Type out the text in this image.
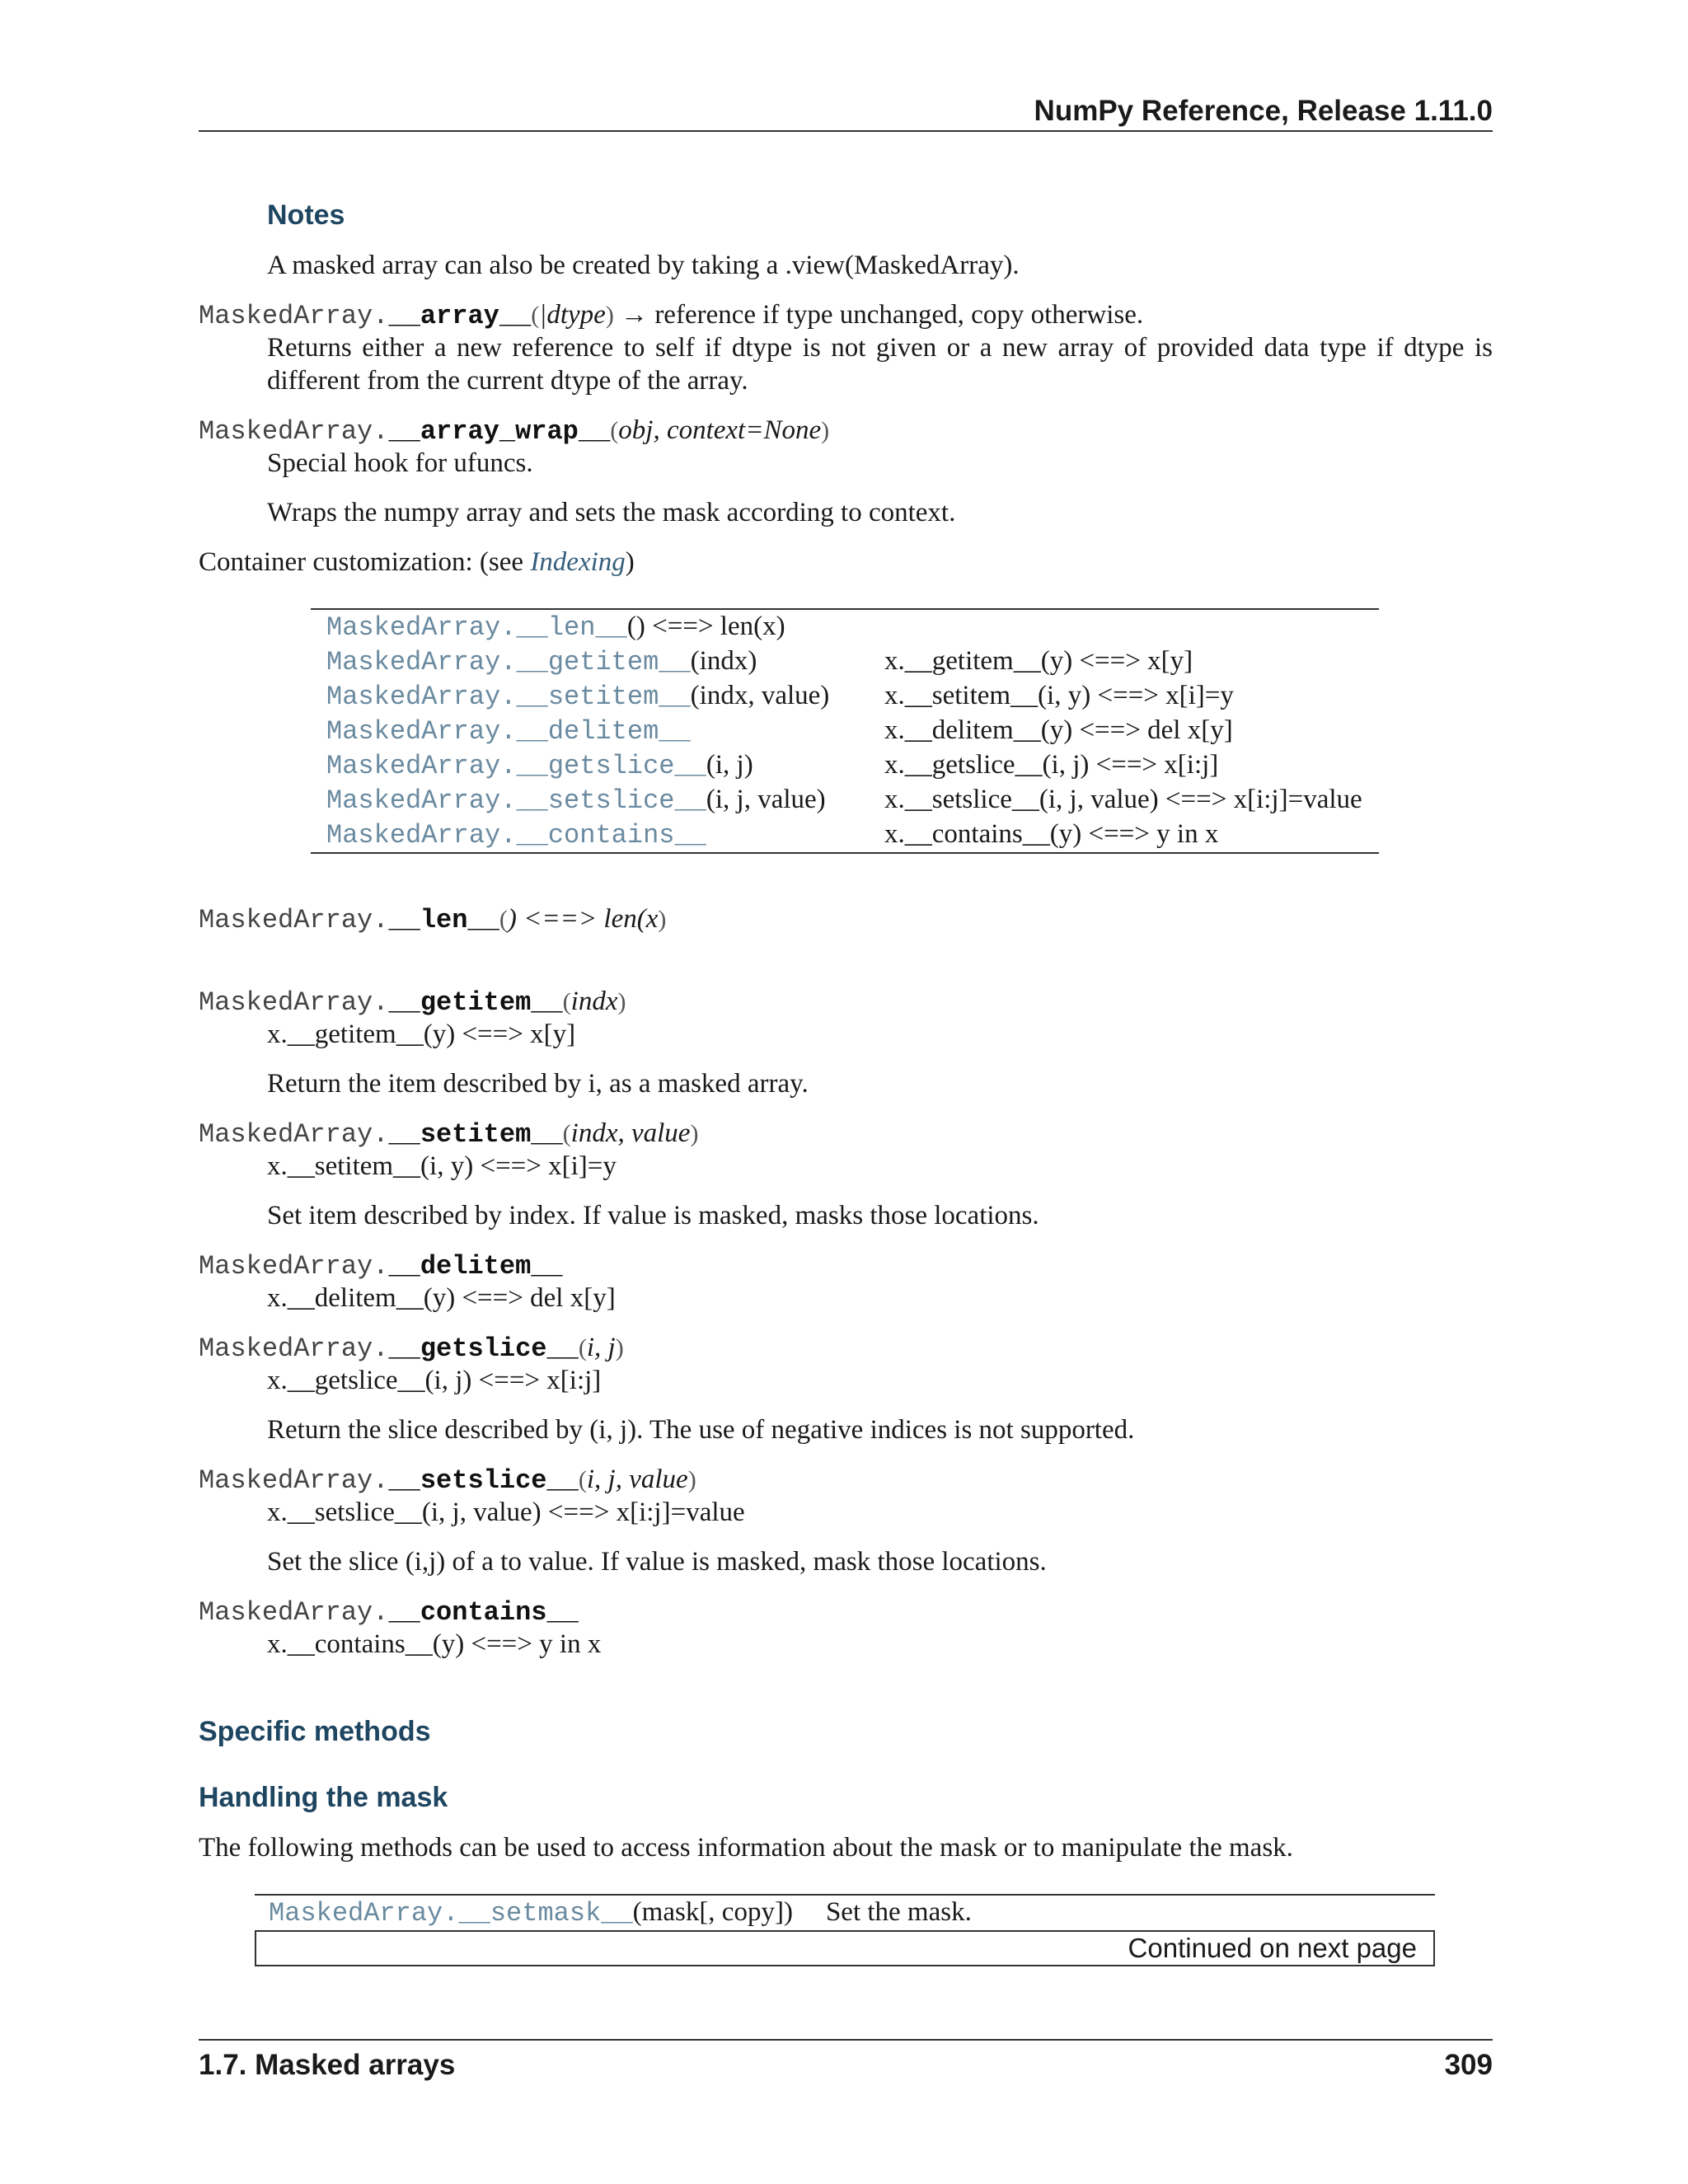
NumPy Reference, Release 1.11.0
Notes
A masked array can also be created by taking a .view(MaskedArray).
MaskedArray.__array__(|dtype) → reference if type unchanged, copy otherwise.
Returns either a new reference to self if dtype is not given or a new array of provided data type if dtype is different from the current dtype of the array.
MaskedArray.__array_wrap__(obj, context=None)
Special hook for ufuncs.
Wraps the numpy array and sets the mask according to context.
Container customization: (see Indexing)
MaskedArray.__len__() <==> len(x)	
MaskedArray.__getitem__(indx)	x.__getitem__(y) <==> x[y]
MaskedArray.__setitem__(indx, value)	x.__setitem__(i, y) <==> x[i]=y
MaskedArray.__delitem__	x.__delitem__(y) <==> del x[y]
MaskedArray.__getslice__(i, j)	x.__getslice__(i, j) <==> x[i:j]
MaskedArray.__setslice__(i, j, value)	x.__setslice__(i, j, value) <==> x[i:j]=value
MaskedArray.__contains__	x.__contains__(y) <==> y in x
MaskedArray.__len__() <==> len(x)
MaskedArray.__getitem__(indx)
x.__getitem__(y) <==> x[y]
Return the item described by i, as a masked array.
MaskedArray.__setitem__(indx, value)
x.__setitem__(i, y) <==> x[i]=y
Set item described by index. If value is masked, masks those locations.
MaskedArray.__delitem__
x.__delitem__(y) <==> del x[y]
MaskedArray.__getslice__(i, j)
x.__getslice__(i, j) <==> x[i:j]
Return the slice described by (i, j). The use of negative indices is not supported.
MaskedArray.__setslice__(i, j, value)
x.__setslice__(i, j, value) <==> x[i:j]=value
Set the slice (i,j) of a to value. If value is masked, mask those locations.
MaskedArray.__contains__
x.__contains__(y) <==> y in x
Specific methods
Handling the mask
The following methods can be used to access information about the mask or to manipulate the mask.
MaskedArray.__setmask__(mask[, copy]) Set the mask.
Continued on next page
1.7. Masked arrays	309
